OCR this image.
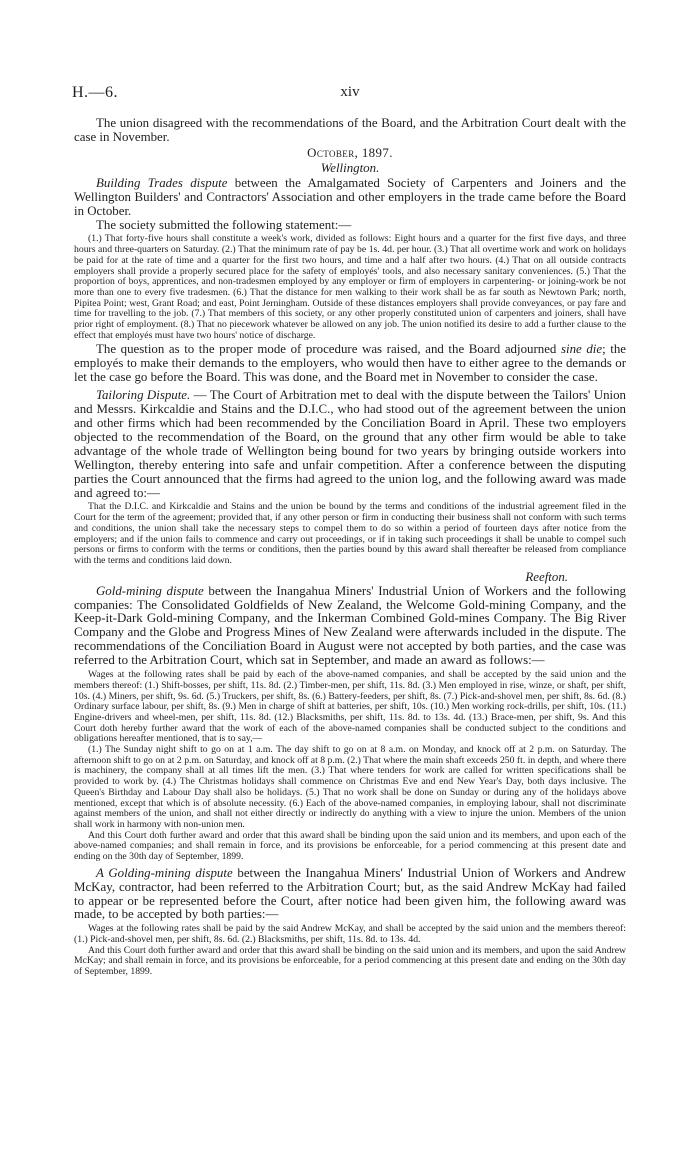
H.—6.	xiv

The union disagreed with the recommendations of the Board, and the Arbitration Court dealt with the case in November.

October, 1897.
Wellington.

Building Trades dispute between the Amalgamated Society of Carpenters and Joiners and the Wellington Builders' and Contractors' Association and other employers in the trade came before the Board in October.

The society submitted the following statement:—

(1.) That forty-five hours shall constitute a week's work, divided as follows: Eight hours and a quarter for the first five days, and three hours and three-quarters on Saturday. (2.) That the minimum rate of pay be 1s. 4d. per hour. (3.) That all overtime work and work on holidays be paid for at the rate of time and a quarter for the first two hours, and time and a half after two hours. (4.) That on all outside contracts employers shall provide a properly secured place for the safety of employés' tools, and also necessary sanitary conveniences. (5.) That the proportion of boys, apprentices, and non-tradesmen employed by any employer or firm of employers in carpentering- or joining-work be not more than one to every five tradesmen. (6.) That the distance for men walking to their work shall be as far south as Newtown Park; north, Pipitea Point; west, Grant Road; and east, Point Jerningham. Outside of these distances employers shall provide conveyances, or pay fare and time for travelling to the job. (7.) That members of this society, or any other properly constituted union of carpenters and joiners, shall have prior right of employment. (8.) That no piecework whatever be allowed on any job. The union notified its desire to add a further clause to the effect that employés must have two hours' notice of discharge.

The question as to the proper mode of procedure was raised, and the Board adjourned sine die; the employés to make their demands to the employers, who would then have to either agree to the demands or let the case go before the Board. This was done, and the Board met in November to consider the case.

Tailoring Dispute. — The Court of Arbitration met to deal with the dispute between the Tailors' Union and Messrs. Kirkcaldie and Stains and the D.I.C., who had stood out of the agreement between the union and other firms which had been recommended by the Conciliation Board in April. These two employers objected to the recommendation of the Board, on the ground that any other firm would be able to take advantage of the whole trade of Wellington being bound for two years by bringing outside workers into Wellington, thereby entering into safe and unfair competition. After a conference between the disputing parties the Court announced that the firms had agreed to the union log, and the following award was made and agreed to:—

That the D.I.C. and Kirkcaldie and Stains and the union be bound by the terms and conditions of the industrial agreement filed in the Court for the term of the agreement; provided that, if any other person or firm in conducting their business shall not conform with such terms and conditions, the union shall take the necessary steps to compel them to do so within a period of fourteen days after notice from the employers; and if the union fails to commence and carry out proceedings, or if in taking such proceedings it shall be unable to compel such persons or firms to conform with the terms or conditions, then the parties bound by this award shall thereafter be released from compliance with the terms and conditions laid down.

Reefton.

Gold-mining dispute between the Inangahua Miners' Industrial Union of Workers and the following companies: The Consolidated Goldfields of New Zealand, the Welcome Gold-mining Company, and the Keep-it-Dark Gold-mining Company, and the Inkerman Combined Gold-mines Company. The Big River Company and the Globe and Progress Mines of New Zealand were afterwards included in the dispute. The recommendations of the Conciliation Board in August were not accepted by both parties, and the case was referred to the Arbitration Court, which sat in September, and made an award as follows:—

Wages at the following rates shall be paid by each of the above-named companies, and shall be accepted by the said union and the members thereof: (1.) Shift-bosses, per shift, 11s. 8d. (2.) Timber-men, per shift, 11s. 8d. (3.) Men employed in rise, winze, or shaft, per shift, 10s. (4.) Miners, per shift, 9s. 6d. (5.) Truckers, per shift, 8s. (6.) Battery-feeders, per shift, 8s. (7.) Pick-and-shovel men, per shift, 8s. 6d. (8.) Ordinary surface labour, per shift, 8s. (9.) Men in charge of shift at batteries, per shift, 10s. (10.) Men working rock-drills, per shift, 10s. (11.) Engine-drivers and wheel-men, per shift, 11s. 8d. (12.) Blacksmiths, per shift, 11s. 8d. to 13s. 4d. (13.) Brace-men, per shift, 9s. And this Court doth hereby further award that the work of each of the above-named companies shall be conducted subject to the conditions and obligations hereafter mentioned, that is to say,—

(1.) The Sunday night shift to go on at 1 a.m. The day shift to go on at 8 a.m. on Monday, and knock off at 2 p.m. on Saturday. The afternoon shift to go on at 2 p.m. on Saturday, and knock off at 8 p.m. (2.) That where the main shaft exceeds 250 ft. in depth, and where there is machinery, the company shall at all times lift the men. (3.) That where tenders for work are called for written specifications shall be provided to work by. (4.) The Christmas holidays shall commence on Christmas Eve and end New Year's Day, both days inclusive. The Queen's Birthday and Labour Day shall also be holidays. (5.) That no work shall be done on Sunday or during any of the holidays above mentioned, except that which is of absolute necessity. (6.) Each of the above-named companies, in employing labour, shall not discriminate against members of the union, and shall not either directly or indirectly do anything with a view to injure the union. Members of the union shall work in harmony with non-union men.

And this Court doth further award and order that this award shall be binding upon the said union and its members, and upon each of the above-named companies; and shall remain in force, and its provisions be enforceable, for a period commencing at this present date and ending on the 30th day of September, 1899.

A Golding-mining dispute between the Inangahua Miners' Industrial Union of Workers and Andrew McKay, contractor, had been referred to the Arbitration Court; but, as the said Andrew McKay had failed to appear or be represented before the Court, after notice had been given him, the following award was made, to be accepted by both parties:—

Wages at the following rates shall be paid by the said Andrew McKay, and shall be accepted by the said union and the members thereof: (1.) Pick-and-shovel men, per shift, 8s. 6d. (2.) Blacksmiths, per shift, 11s. 8d. to 13s. 4d.

And this Court doth further award and order that this award shall be binding on the said union and its members, and upon the said Andrew McKay; and shall remain in force, and its provisions be enforceable, for a period commencing at this present date and ending on the 30th day of September, 1899.
